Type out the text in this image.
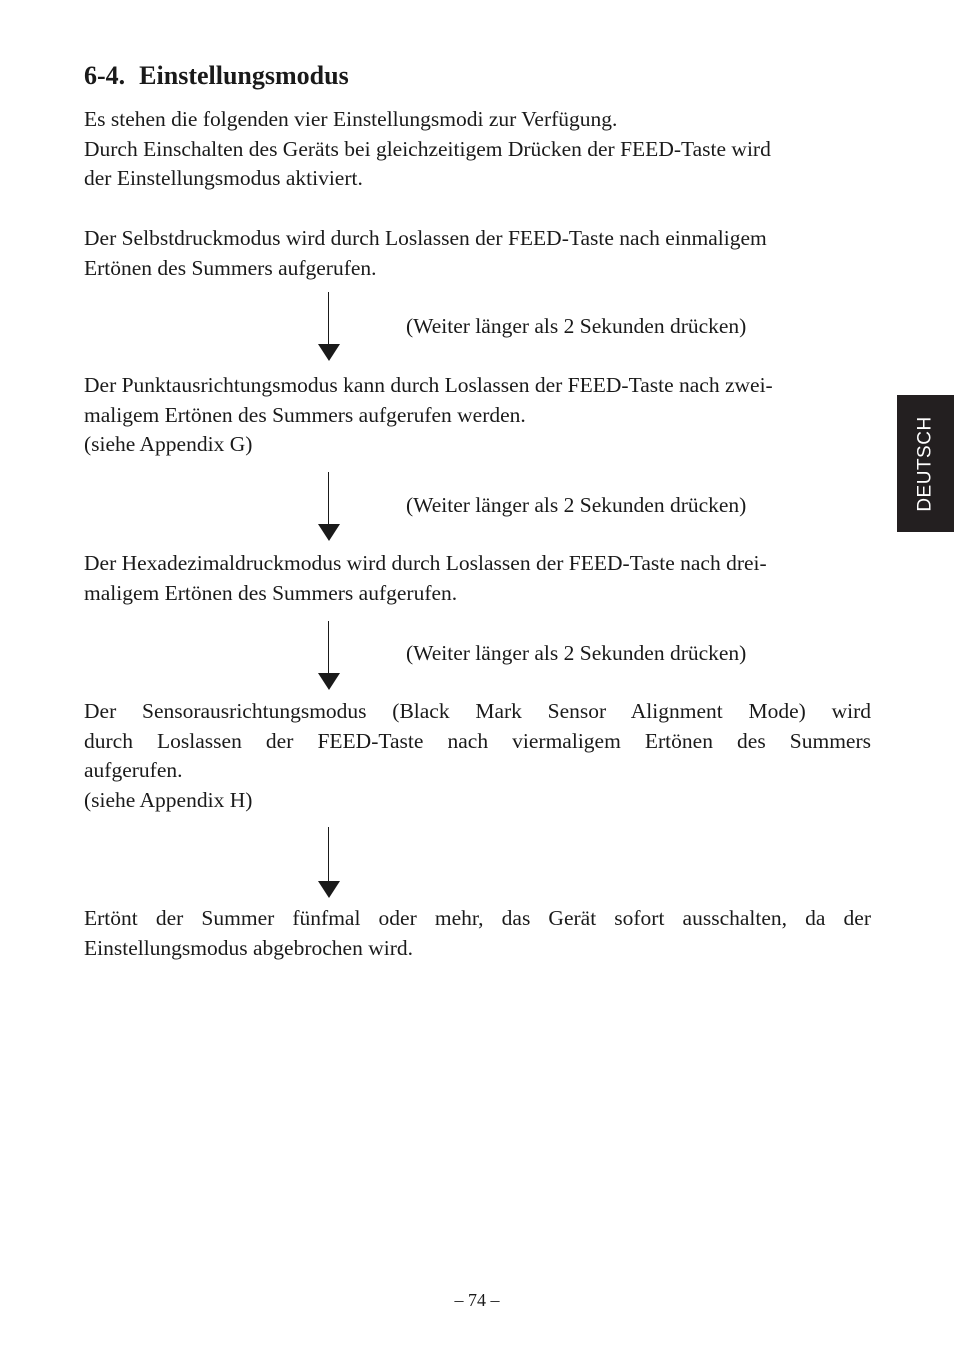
6-4. Einstellungsmodus

Es stehen die folgenden vier Einstellungsmodi zur Verfügung.
Durch Einschalten des Geräts bei gleichzeitigem Drücken der FEED-Taste wird
der Einstellungsmodus aktiviert.

Der Selbstdruckmodus wird durch Loslassen der FEED-Taste nach einmaligem
Ertönen des Summers aufgerufen.

(Weiter länger als 2 Sekunden drücken)

Der Punktausrichtungsmodus kann durch Loslassen der FEED-Taste nach zwei-
maligem Ertönen des Summers aufgerufen werden.
(siehe Appendix G)

(Weiter länger als 2 Sekunden drücken)

Der Hexadezimaldruckmodus wird durch Loslassen der FEED-Taste nach drei-
maligem Ertönen des Summers aufgerufen.

(Weiter länger als 2 Sekunden drücken)

Der Sensorausrichtungsmodus (Black Mark Sensor Alignment Mode) wird
durch Loslassen der FEED-Taste nach viermaligem Ertönen des Summers
aufgerufen.
(siehe Appendix H)

Ertönt der Summer fünfmal oder mehr, das Gerät sofort ausschalten, da der
Einstellungsmodus abgebrochen wird.

DEUTSCH

– 74 –
